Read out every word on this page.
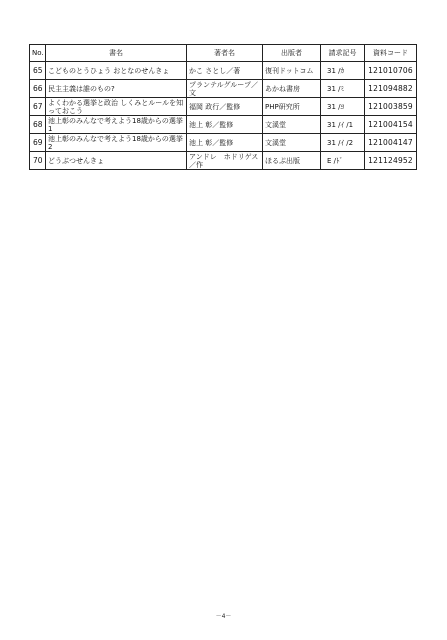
No.	書名	著者名	出版者	請求記号	資料コード
65	こどものとうひょう おとなのせんきょ	かこ さとし／著	復刊ドットコム	31 /ｶ	121010706
66	民主主義は誰のもの?	プランテルグループ／文	あかね書房	31 /ﾐ	121094882
67	よくわかる選挙と政治 しくみとルールを知っておこう	福岡 政行／監修	PHP研究所	31 /ﾖ	121003859
68	池上彰のみんなで考えよう18歳からの選挙 1	池上 彰／監修	文溪堂	31 /ｲ /1	121004154
69	池上彰のみんなで考えよう18歳からの選挙 2	池上 彰／監修	文溪堂	31 /ｲ /2	121004147
70	どうぶつせんきょ	アンドレ　ホドリゲス／作	ほるぷ出版	E /ﾄﾞ	121124952
－4－
